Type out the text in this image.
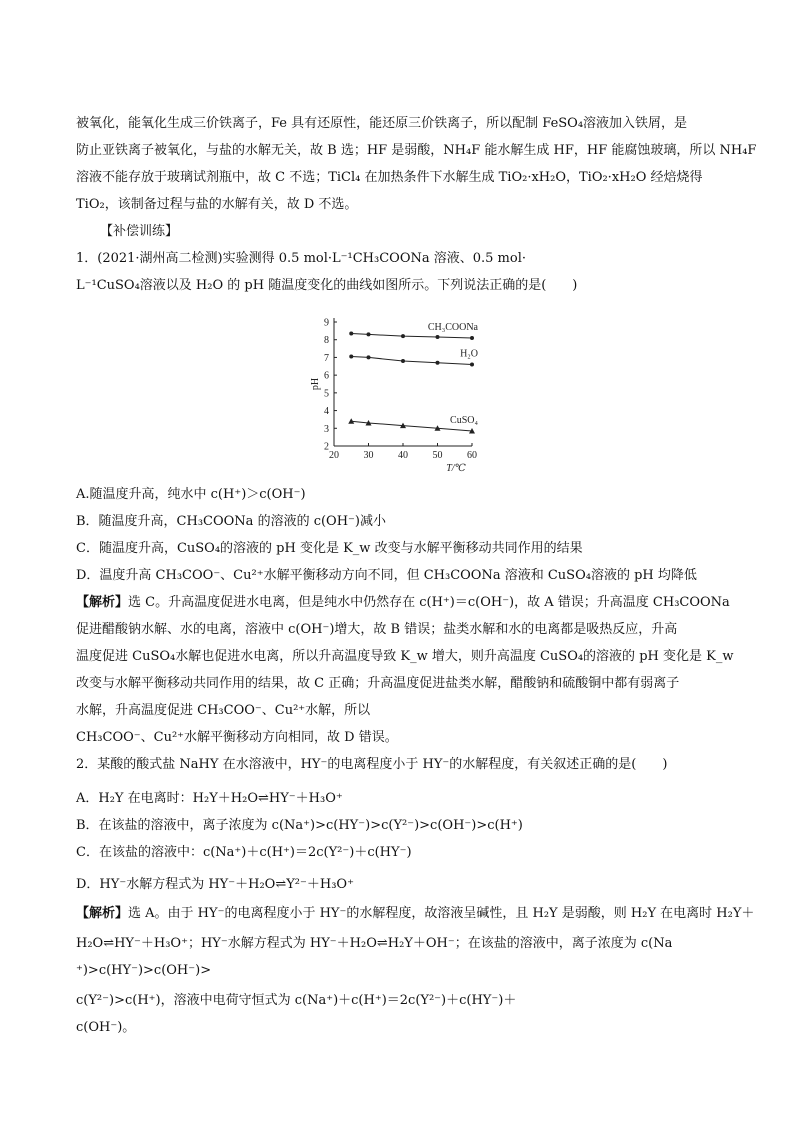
被氧化，能氧化生成三价铁离子，Fe 具有还原性，能还原三价铁离子，所以配制 FeSO₄溶液加入铁屑，是
防止亚铁离子被氧化，与盐的水解无关，故 B 选；HF 是弱酸，NH₄F 能水解生成 HF，HF 能腐蚀玻璃，所以 NH₄F
溶液不能存放于玻璃试剂瓶中，故 C 不选；TiCl₄ 在加热条件下水解生成 TiO₂·xH₂O，TiO₂·xH₂O 经焙烧得
TiO₂，该制备过程与盐的水解有关，故 D 不选。
【补偿训练】
1．(2021·湖州高二检测)实验测得 0.5 mol·L⁻¹CH₃COONa 溶液、0.5 mol·
L⁻¹CuSO₄溶液以及 H₂O 的 pH 随温度变化的曲线如图所示。下列说法正确的是(　　)
2
3
4
5
6
7
8
9
20 30 40 50 60
pH
T/℃
CH₃COONa
H₂O
CuSO₄
A.随温度升高，纯水中 c(H⁺)＞c(OH⁻)
B．随温度升高，CH₃COONa 的溶液的 c(OH⁻)减小
C．随温度升高，CuSO₄的溶液的 pH 变化是 K_w 改变与水解平衡移动共同作用的结果
D．温度升高 CH₃COO⁻、Cu²⁺水解平衡移动方向不同，但 CH₃COONa 溶液和 CuSO₄溶液的 pH 均降低
【解析】选 C。升高温度促进水电离，但是纯水中仍然存在 c(H⁺)＝c(OH⁻)，故 A 错误；升高温度 CH₃COONa
促进醋酸钠水解、水的电离，溶液中 c(OH⁻)增大，故 B 错误；盐类水解和水的电离都是吸热反应，升高
温度促进 CuSO₄水解也促进水电离，所以升高温度导致 K_w 增大，则升高温度 CuSO₄的溶液的 pH 变化是 K_w
改变与水解平衡移动共同作用的结果，故 C 正确；升高温度促进盐类水解，醋酸钠和硫酸铜中都有弱离子
水解，升高温度促进 CH₃COO⁻、Cu²⁺水解，所以
CH₃COO⁻、Cu²⁺水解平衡移动方向相同，故 D 错误。
2．某酸的酸式盐 NaHY 在水溶液中，HY⁻的电离程度小于 HY⁻的水解程度，有关叙述正确的是(　　)
A．H₂Y 在电离时：H₂Y＋H₂O⇌HY⁻＋H₃O⁺
B．在该盐的溶液中，离子浓度为 c(Na⁺)>c(HY⁻)>c(Y²⁻)>c(OH⁻)>c(H⁺)
C．在该盐的溶液中：c(Na⁺)＋c(H⁺)＝2c(Y²⁻)＋c(HY⁻)
D．HY⁻水解方程式为 HY⁻＋H₂O⇌Y²⁻＋H₃O⁺
【解析】选 A。由于 HY⁻的电离程度小于 HY⁻的水解程度，故溶液呈碱性，且 H₂Y 是弱酸，则 H₂Y 在电离时 H₂Y＋
H₂O⇌HY⁻＋H₃O⁺；HY⁻水解方程式为 HY⁻＋H₂O⇌H₂Y＋OH⁻；在该盐的溶液中，离子浓度为 c(Na
⁺)>c(HY⁻)>c(OH⁻)>
c(Y²⁻)>c(H⁺)，溶液中电荷守恒式为 c(Na⁺)＋c(H⁺)＝2c(Y²⁻)＋c(HY⁻)＋
c(OH⁻)。
